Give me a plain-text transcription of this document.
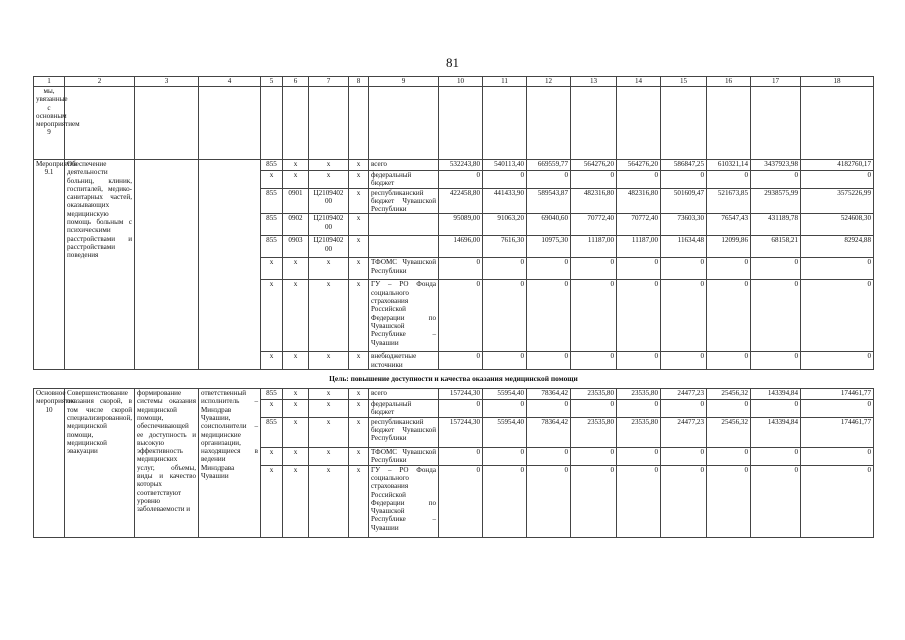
81
1	2	3	4	5	6	7	8	9	10	11	12	13	14	15	16	17	18
мы, увязанные с основным мероприятием 9																	
Мероприятие 9.1	Обеспечение деятельности больниц, клиник, госпиталей, медико-санитарных частей, оказывающих медицинскую помощь больным с психическими расстройствами и расстройствами поведения			855	x	x	x	всего	532243,80	540113,40	669559,77	564276,20	564276,20	586847,25	610321,14	3437923,98	4182760,17
				x	x	x	x	федеральный бюджет	0	0	0	0	0	0	0	0	0
				855	0901	Ц2109402 00	x	республиканский бюджет Чувашской Республики	422458,80	441433,90	589543,87	482316,80	482316,80	501609,47	521673,85	2938575,99	3575226,99
				855	0902	Ц2109402 00	x		95089,00	91063,20	69040,60	70772,40	70772,40	73603,30	76547,43	431189,78	524608,30
				855	0903	Ц2109402 00	x		14696,00	7616,30	10975,30	11187,00	11187,00	11634,48	12099,86	68158,21	82924,88
				x	x	x	x	ТФОМС Чувашской Республики	0	0	0	0	0	0	0	0	0
				x	x	x	x	ГУ – РО Фонда социального страхования Российской Федерации по Чувашской Республике – Чувашии	0	0	0	0	0	0	0	0	0
				x	x	x	x	внебюджетные источники	0	0	0	0	0	0	0	0	0
Цель: повышение доступности и качества оказания медицинской помощи																	
Основное мероприятие 10	Совершенствование оказания скорой, в том числе скорой специализированной, медицинской помощи, медицинской эвакуации	формирование системы оказания медицинской помощи, обеспечивающей ее доступность и высокую эффективность медицинских услуг, объемы, виды и качество которых соответствуют уровню заболеваемости и	ответственный исполнитель – Минздрав Чувашии, соисполнители – медицинские организации, находящиеся в ведении Минздрава Чувашии	855	x	x	x	всего	157244,30	55954,40	78364,42	23535,80	23535,80	24477,23	25456,32	143394,84	174461,77
				x	x	x	x	федеральный бюджет	0	0	0	0	0	0	0	0	0
				855	x	x	x	республиканский бюджет Чувашской Республики	157244,30	55954,40	78364,42	23535,80	23535,80	24477,23	25456,32	143394,84	174461,77
				x	x	x	x	ТФОМС Чувашской Республики	0	0	0	0	0	0	0	0	0
				x	x	x	x	ГУ – РО Фонда социального страхования Российской Федерации по Чувашской Республике – Чувашии	0	0	0	0	0	0	0	0	0
